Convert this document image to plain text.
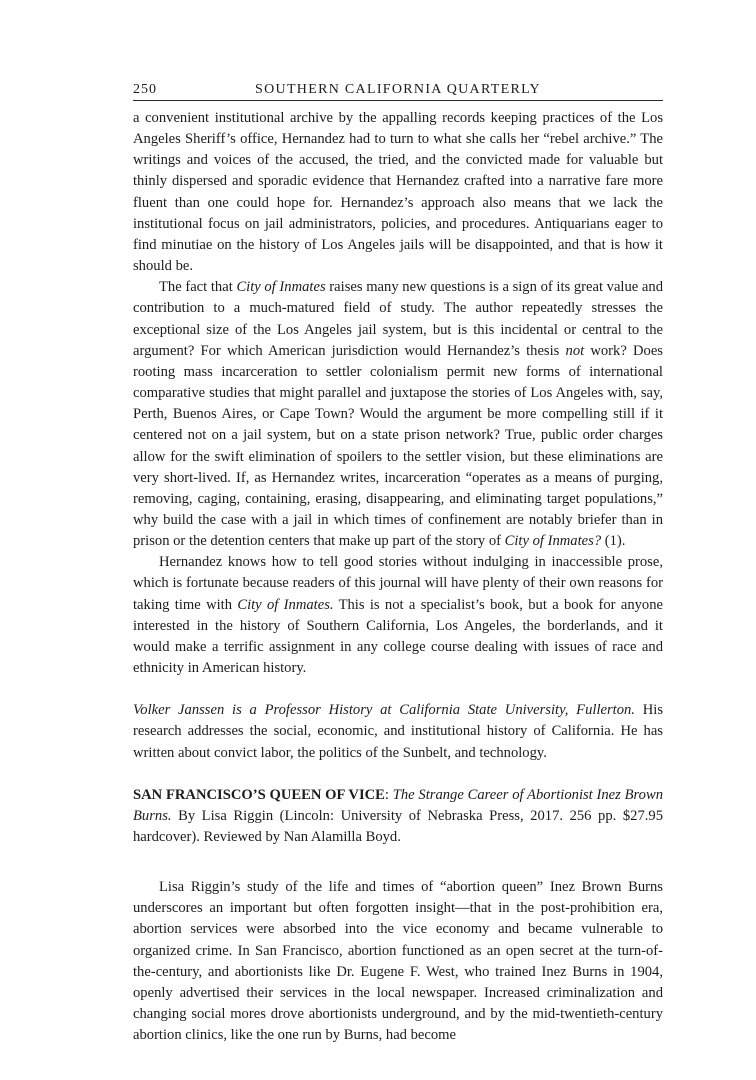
250	SOUTHERN CALIFORNIA QUARTERLY

a convenient institutional archive by the appalling records keeping practices of the Los Angeles Sheriff’s office, Hernandez had to turn to what she calls her “rebel archive.” The writings and voices of the accused, the tried, and the convicted made for valuable but thinly dispersed and sporadic evidence that Hernandez crafted into a narrative fare more fluent than one could hope for. Hernandez’s approach also means that we lack the institutional focus on jail administrators, policies, and procedures. Antiquarians eager to find minutiae on the history of Los Angeles jails will be disappointed, and that is how it should be.

The fact that City of Inmates raises many new questions is a sign of its great value and contribution to a much-matured field of study. The author repeatedly stresses the exceptional size of the Los Angeles jail system, but is this incidental or central to the argument? For which American jurisdiction would Hernandez’s thesis not work? Does rooting mass incarceration to settler colonialism permit new forms of international comparative studies that might parallel and juxtapose the stories of Los Angeles with, say, Perth, Buenos Aires, or Cape Town? Would the argument be more compelling still if it centered not on a jail system, but on a state prison network? True, public order charges allow for the swift elimination of spoilers to the settler vision, but these eliminations are very short-lived. If, as Hernandez writes, incarceration “operates as a means of purging, removing, caging, containing, erasing, disappearing, and eliminating target populations,” why build the case with a jail in which times of confinement are notably briefer than in prison or the detention centers that make up part of the story of City of Inmates? (1).

Hernandez knows how to tell good stories without indulging in inaccessible prose, which is fortunate because readers of this journal will have plenty of their own reasons for taking time with City of Inmates. This is not a specialist’s book, but a book for anyone interested in the history of Southern California, Los Angeles, the borderlands, and it would make a terrific assignment in any college course dealing with issues of race and ethnicity in American history.

Volker Janssen is a Professor History at California State University, Fullerton. His research addresses the social, economic, and institutional history of California. He has written about convict labor, the politics of the Sunbelt, and technology.

SAN FRANCISCO’S QUEEN OF VICE: The Strange Career of Abortionist Inez Brown Burns. By Lisa Riggin (Lincoln: University of Nebraska Press, 2017. 256 pp. $27.95 hardcover). Reviewed by Nan Alamilla Boyd.

Lisa Riggin’s study of the life and times of “abortion queen” Inez Brown Burns underscores an important but often forgotten insight—that in the post-prohibition era, abortion services were absorbed into the vice economy and became vulnerable to organized crime. In San Francisco, abortion functioned as an open secret at the turn-of-the-century, and abortionists like Dr. Eugene F. West, who trained Inez Burns in 1904, openly advertised their services in the local newspaper. Increased criminalization and changing social mores drove abortionists underground, and by the mid-twentieth-century abortion clinics, like the one run by Burns, had become
